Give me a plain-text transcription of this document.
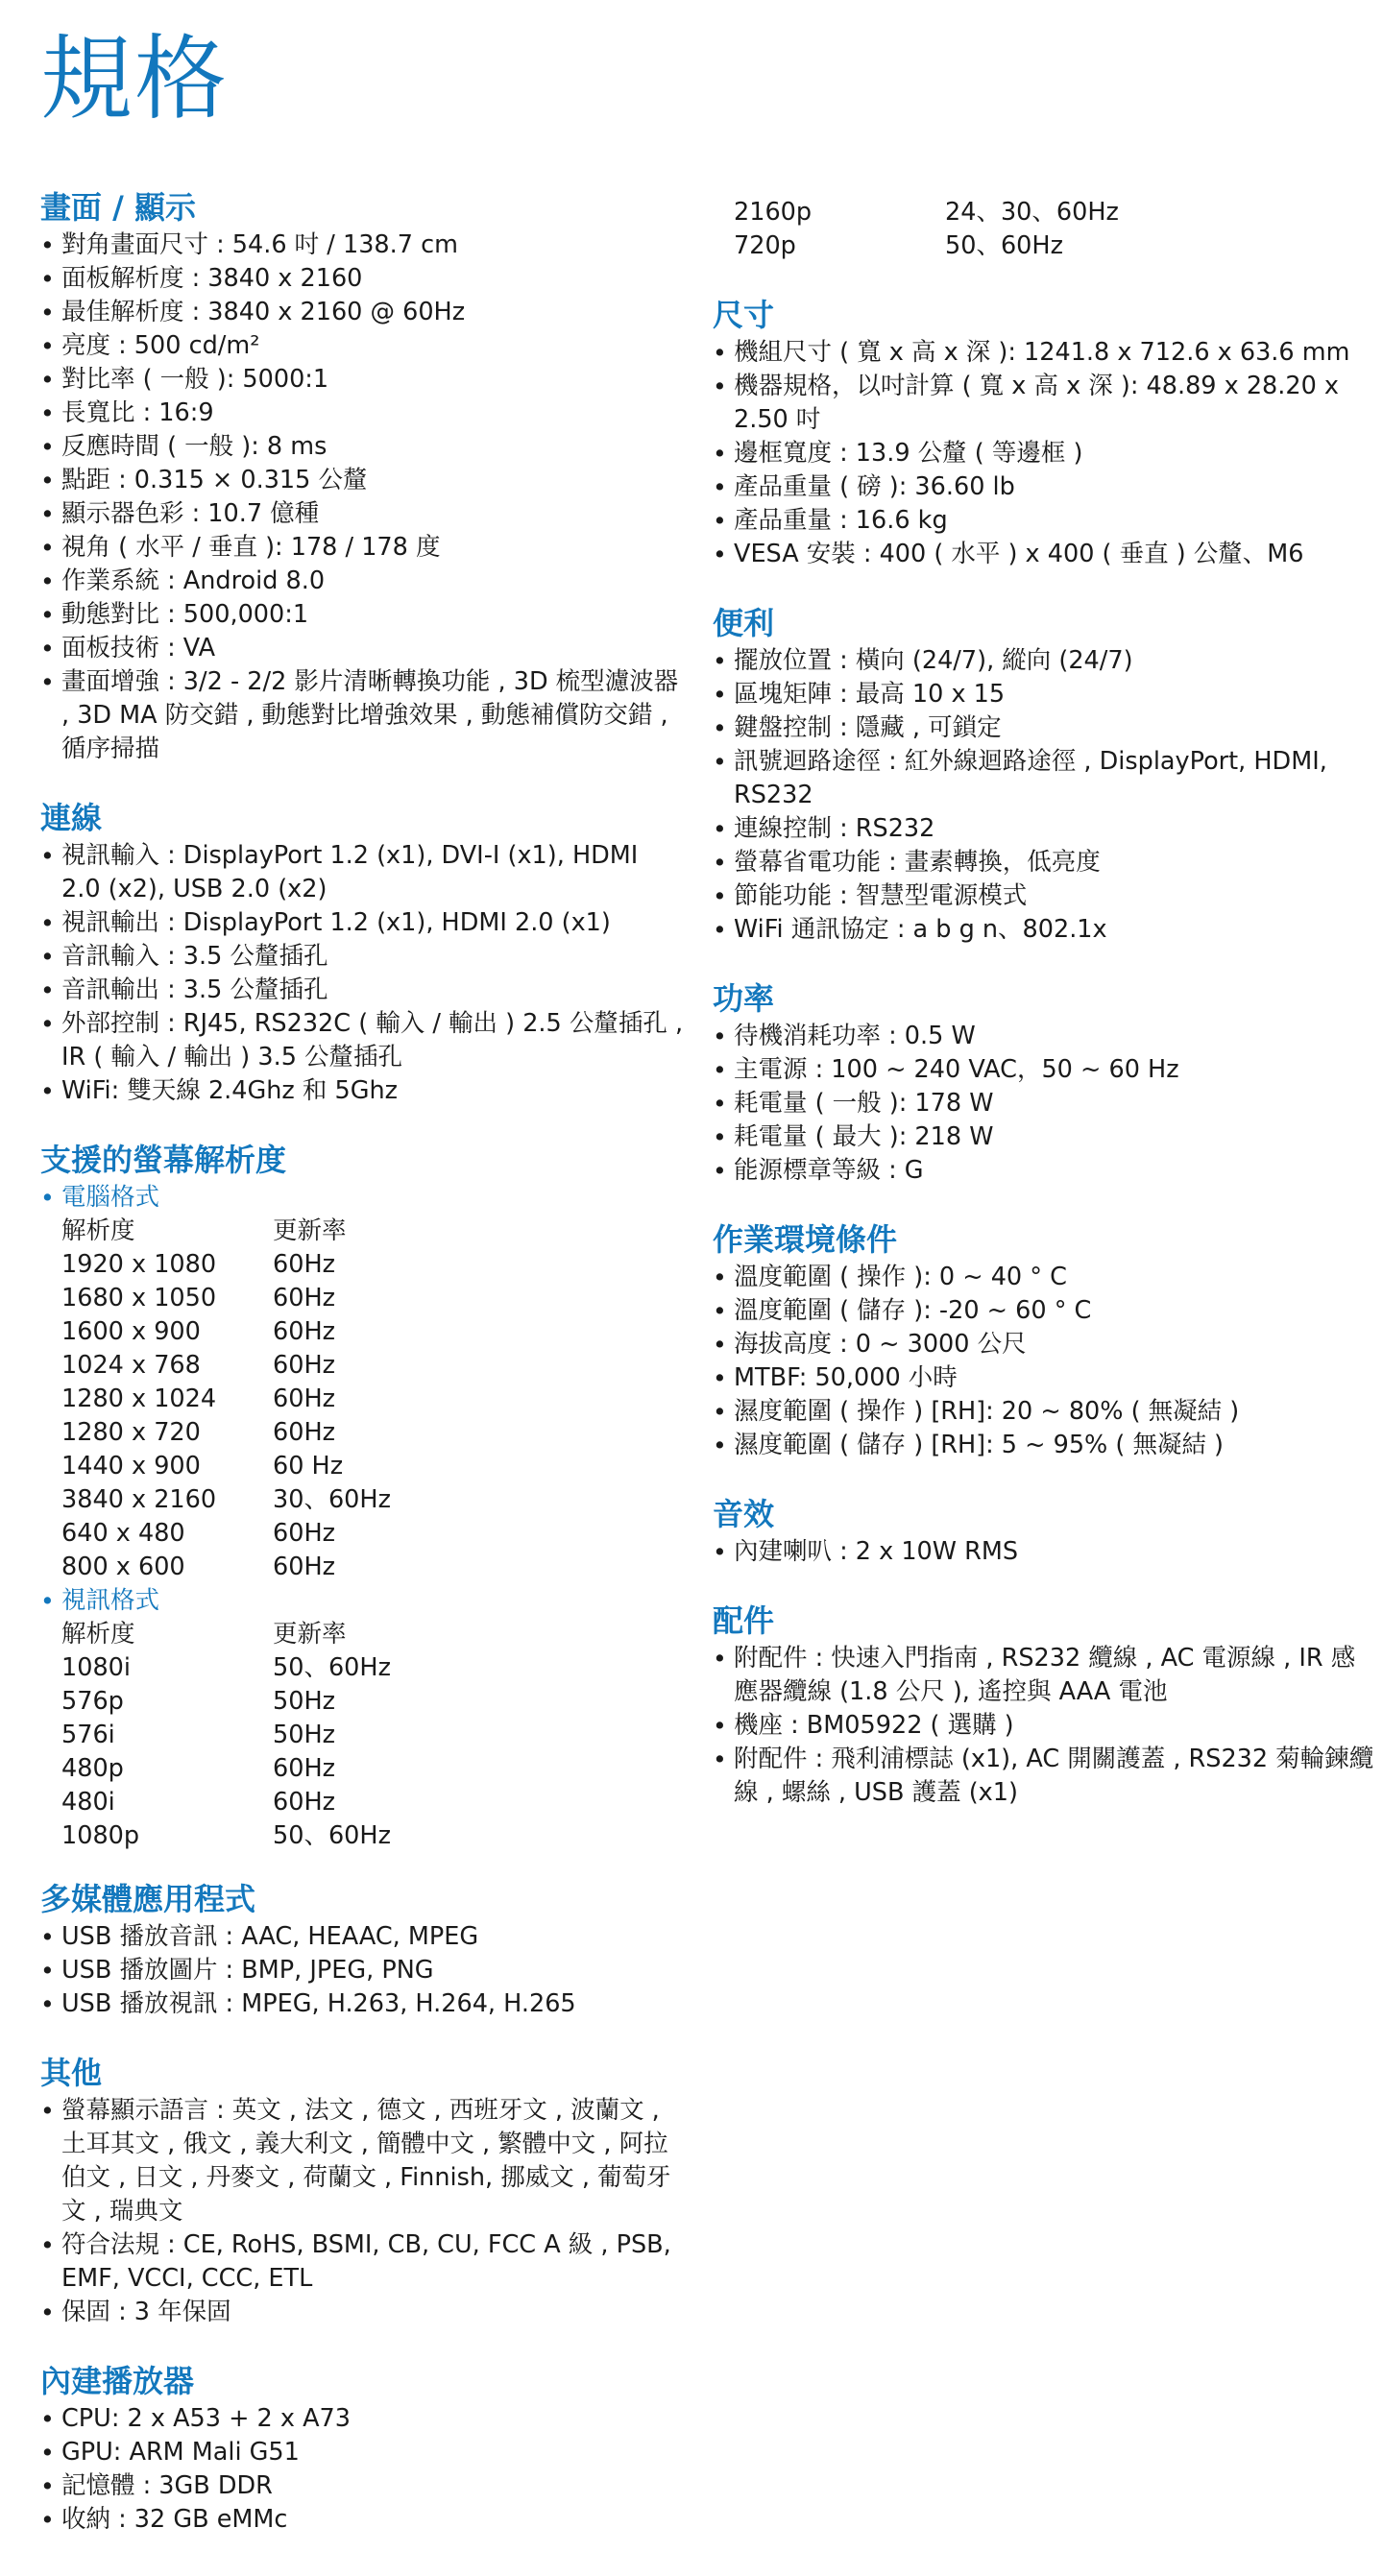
規格
畫面 / 顯示
• 對角畫面尺寸 : 54.6 吋 / 138.7 cm
• 面板解析度 : 3840 x 2160
• 最佳解析度 : 3840 x 2160 @ 60Hz
• 亮度 : 500 cd/m²
• 對比率 ( 一般 ): 5000:1
• 長寬比 : 16:9
• 反應時間 ( 一般 ): 8 ms
• 點距 : 0.315 × 0.315 公釐
• 顯示器色彩 : 10.7 億種
• 視角 ( 水平 / 垂直 ): 178 / 178 度
• 作業系統 : Android 8.0
• 動態對比 : 500,000:1
• 面板技術 : VA
• 畫面增強 : 3/2 - 2/2 影片清晰轉換功能 , 3D 梳型濾波器 , 3D MA 防交錯 , 動態對比增強效果 , 動態補償防交錯 , 循序掃描
連線
• 視訊輸入 : DisplayPort 1.2 (x1), DVI-I (x1), HDMI 2.0 (x2), USB 2.0 (x2)
• 視訊輸出 : DisplayPort 1.2 (x1), HDMI 2.0 (x1)
• 音訊輸入 : 3.5 公釐插孔
• 音訊輸出 : 3.5 公釐插孔
• 外部控制 : RJ45, RS232C ( 輸入 / 輸出 ) 2.5 公釐插孔 , IR ( 輸入 / 輸出 ) 3.5 公釐插孔
• WiFi: 雙天線 2.4Ghz 和 5Ghz
支援的螢幕解析度
• 電腦格式
解析度	更新率
1920 x 1080	60Hz
1680 x 1050	60Hz
1600 x 900	60Hz
1024 x 768	60Hz
1280 x 1024	60Hz
1280 x 720	60Hz
1440 x 900	60 Hz
3840 x 2160	30、60Hz
640 x 480	60Hz
800 x 600	60Hz
• 視訊格式
解析度	更新率
1080i	50、60Hz
576p	50Hz
576i	50Hz
480p	60Hz
480i	60Hz
1080p	50、60Hz
多媒體應用程式
• USB 播放音訊 : AAC, HEAAC, MPEG
• USB 播放圖片 : BMP, JPEG, PNG
• USB 播放視訊 : MPEG, H.263, H.264, H.265
其他
• 螢幕顯示語言 : 英文 , 法文 , 德文 , 西班牙文 , 波蘭文 , 土耳其文 , 俄文 , 義大利文 , 簡體中文 , 繁體中文 , 阿拉伯文 , 日文 , 丹麥文 , 荷蘭文 , Finnish, 挪威文 , 葡萄牙文 , 瑞典文
• 符合法規 : CE, RoHS, BSMI, CB, CU, FCC A 級 , PSB, EMF, VCCI, CCC, ETL
• 保固 : 3 年保固
內建播放器
• CPU: 2 x A53 + 2 x A73
• GPU: ARM Mali G51
• 記憶體 : 3GB DDR
• 收納 : 32 GB eMMc
2160p	24、30、60Hz
720p	50、60Hz
尺寸
• 機組尺寸 ( 寬 x 高 x 深 ): 1241.8 x 712.6 x 63.6 mm
• 機器規格，以吋計算 ( 寬 x 高 x 深 ): 48.89 x 28.20 x 2.50 吋
• 邊框寬度 : 13.9 公釐 ( 等邊框 )
• 產品重量 ( 磅 ): 36.60 lb
• 產品重量 : 16.6 kg
• VESA 安裝 : 400 ( 水平 ) x 400 ( 垂直 ) 公釐、M6
便利
• 擺放位置 : 橫向 (24/7), 縱向 (24/7)
• 區塊矩陣 : 最高 10 x 15
• 鍵盤控制 : 隱藏 , 可鎖定
• 訊號迴路途徑 : 紅外線迴路途徑 , DisplayPort, HDMI, RS232
• 連線控制 : RS232
• 螢幕省電功能 : 畫素轉換，低亮度
• 節能功能 : 智慧型電源模式
• WiFi 通訊協定 : a b g n、802.1x
功率
• 待機消耗功率 : 0.5 W
• 主電源 : 100 ~ 240 VAC，50 ~ 60 Hz
• 耗電量 ( 一般 ): 178 W
• 耗電量 ( 最大 ): 218 W
• 能源標章等級 : G
作業環境條件
• 溫度範圍 ( 操作 ): 0 ~ 40 ° C
• 溫度範圍 ( 儲存 ): -20 ~ 60 ° C
• 海拔高度 : 0 ~ 3000 公尺
• MTBF: 50,000 小時
• 濕度範圍 ( 操作 ) [RH]: 20 ~ 80% ( 無凝結 )
• 濕度範圍 ( 儲存 ) [RH]: 5 ~ 95% ( 無凝結 )
音效
• 內建喇叭 : 2 x 10W RMS
配件
• 附配件 : 快速入門指南 , RS232 纜線 , AC 電源線 , IR 感應器纜線 (1.8 公尺 ), 遙控與 AAA 電池
• 機座 : BM05922 ( 選購 )
• 附配件 : 飛利浦標誌 (x1), AC 開關護蓋 , RS232 菊輪鍊纜線 , 螺絲 , USB 護蓋 (x1)
